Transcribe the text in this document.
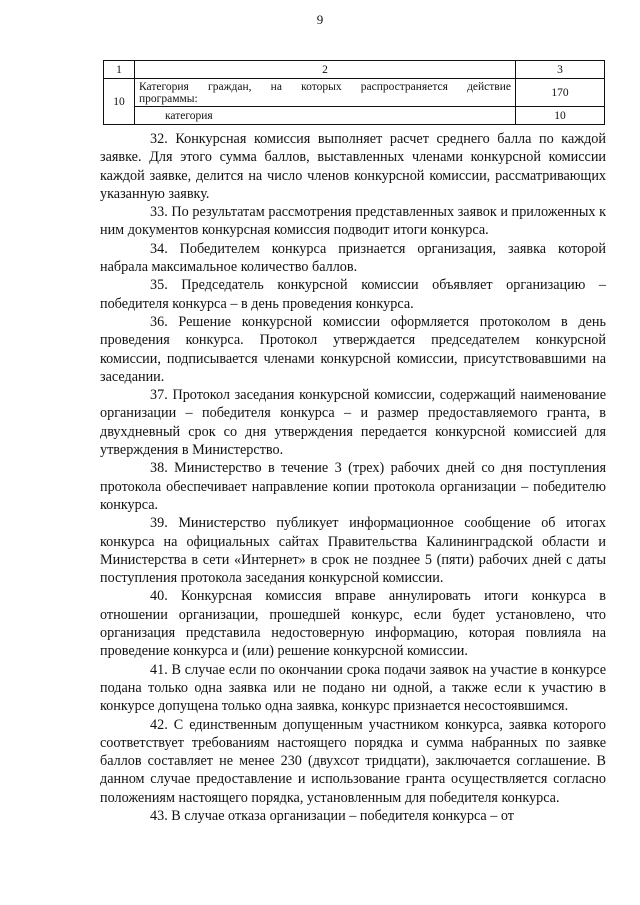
9
1	2	3
10	Категория граждан, на которых распространяется действие
программы:	170
	категория	10

32. Конкурсная комиссия выполняет расчет среднего балла по каждой заявке. Для этого сумма баллов, выставленных членами конкурсной комиссии каждой заявке, делится на число членов конкурсной комиссии, рассматривающих указанную заявку.

33. По результатам рассмотрения представленных заявок и приложенных к ним документов конкурсная комиссия подводит итоги конкурса.

34. Победителем конкурса признается организация, заявка которой набрала максимальное количество баллов.

35. Председатель конкурсной комиссии объявляет организацию – победителя конкурса – в день проведения конкурса.

36. Решение конкурсной комиссии оформляется протоколом в день проведения конкурса. Протокол утверждается председателем конкурсной комиссии, подписывается членами конкурсной комиссии, присутствовавшими на заседании.

37. Протокол заседания конкурсной комиссии, содержащий наименование организации – победителя конкурса – и размер предоставляемого гранта, в двухдневный срок со дня утверждения передается конкурсной комиссией для утверждения в Министерство.

38. Министерство в течение 3 (трех) рабочих дней со дня поступления протокола обеспечивает направление копии протокола организации – победителю конкурса.

39. Министерство публикует информационное сообщение об итогах конкурса на официальных сайтах Правительства Калининградской области и Министерства в сети «Интернет» в срок не позднее 5 (пяти) рабочих дней с даты поступления протокола заседания конкурсной комиссии.

40. Конкурсная комиссия вправе аннулировать итоги конкурса в отношении организации, прошедшей конкурс, если будет установлено, что организация представила недостоверную информацию, которая повлияла на проведение конкурса и (или) решение конкурсной комиссии.

41. В случае если по окончании срока подачи заявок на участие в конкурсе подана только одна заявка или не подано ни одной, а также если к участию в конкурсе допущена только одна заявка, конкурс признается несостоявшимся.

42. С единственным допущенным участником конкурса, заявка которого соответствует требованиям настоящего порядка и сумма набранных по заявке баллов составляет не менее 230 (двухсот тридцати), заключается соглашение. В данном случае предоставление и использование гранта осуществляется согласно положениям настоящего порядка, установленным для победителя конкурса.

43. В случае отказа организации – победителя конкурса – от
